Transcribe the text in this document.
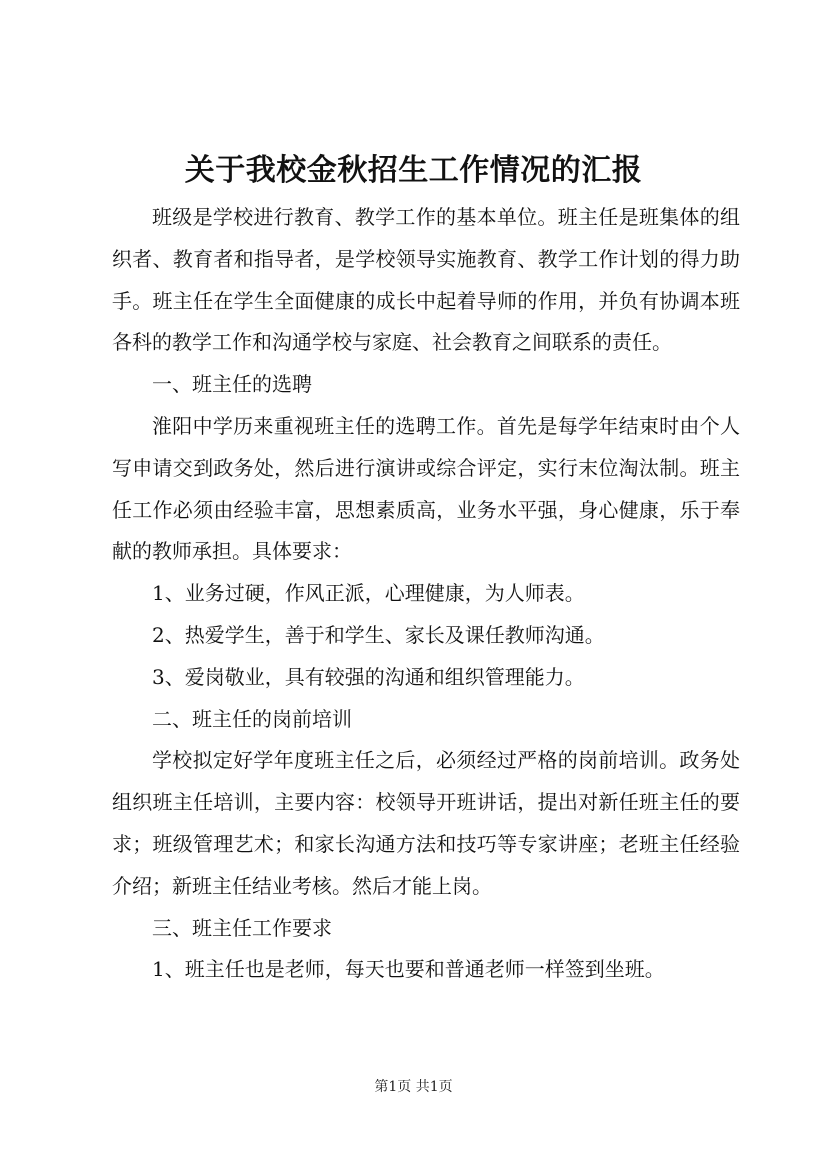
关于我校金秋招生工作情况的汇报

班级是学校进行教育、教学工作的基本单位。班主任是班集体的组织者、教育者和指导者，是学校领导实施教育、教学工作计划的得力助手。班主任在学生全面健康的成长中起着导师的作用，并负有协调本班各科的教学工作和沟通学校与家庭、社会教育之间联系的责任。

一、班主任的选聘

淮阳中学历来重视班主任的选聘工作。首先是每学年结束时由个人写申请交到政务处，然后进行演讲或综合评定，实行末位淘汰制。班主任工作必须由经验丰富，思想素质高，业务水平强，身心健康，乐于奉献的教师承担。具体要求：

1、业务过硬，作风正派，心理健康，为人师表。

2、热爱学生，善于和学生、家长及课任教师沟通。

3、爱岗敬业，具有较强的沟通和组织管理能力。

二、班主任的岗前培训

学校拟定好学年度班主任之后，必须经过严格的岗前培训。政务处组织班主任培训，主要内容：校领导开班讲话，提出对新任班主任的要求；班级管理艺术；和家长沟通方法和技巧等专家讲座；老班主任经验介绍；新班主任结业考核。然后才能上岗。

三、班主任工作要求

1、班主任也是老师，每天也要和普通老师一样签到坐班。

第1页 共1页
